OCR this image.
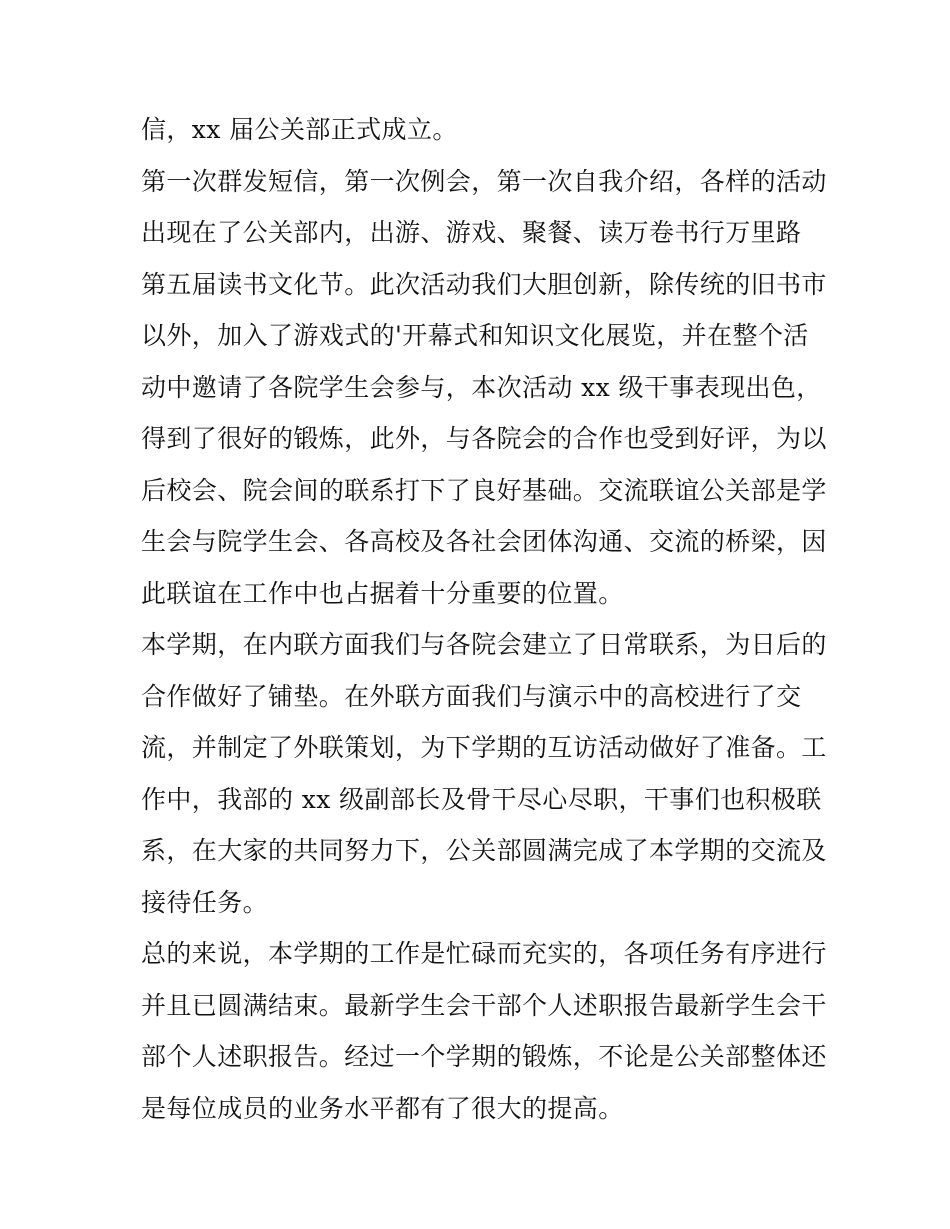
信，xx 届公关部正式成立。
第一次群发短信，第一次例会，第一次自我介绍，各样的活动
出现在了公关部内，出游、游戏、聚餐、读万卷书行万里路
第五届读书文化节。此次活动我们大胆创新，除传统的旧书市
以外，加入了游戏式的'开幕式和知识文化展览，并在整个活
动中邀请了各院学生会参与，本次活动 xx 级干事表现出色，
得到了很好的锻炼，此外，与各院会的合作也受到好评，为以
后校会、院会间的联系打下了良好基础。交流联谊公关部是学
生会与院学生会、各高校及各社会团体沟通、交流的桥梁，因
此联谊在工作中也占据着十分重要的位置。
本学期，在内联方面我们与各院会建立了日常联系，为日后的
合作做好了铺垫。在外联方面我们与演示中的高校进行了交
流，并制定了外联策划，为下学期的互访活动做好了准备。工
作中，我部的 xx 级副部长及骨干尽心尽职，干事们也积极联
系，在大家的共同努力下，公关部圆满完成了本学期的交流及
接待任务。
总的来说，本学期的工作是忙碌而充实的，各项任务有序进行
并且已圆满结束。最新学生会干部个人述职报告最新学生会干
部个人述职报告。经过一个学期的锻炼，不论是公关部整体还
是每位成员的业务水平都有了很大的提高。
